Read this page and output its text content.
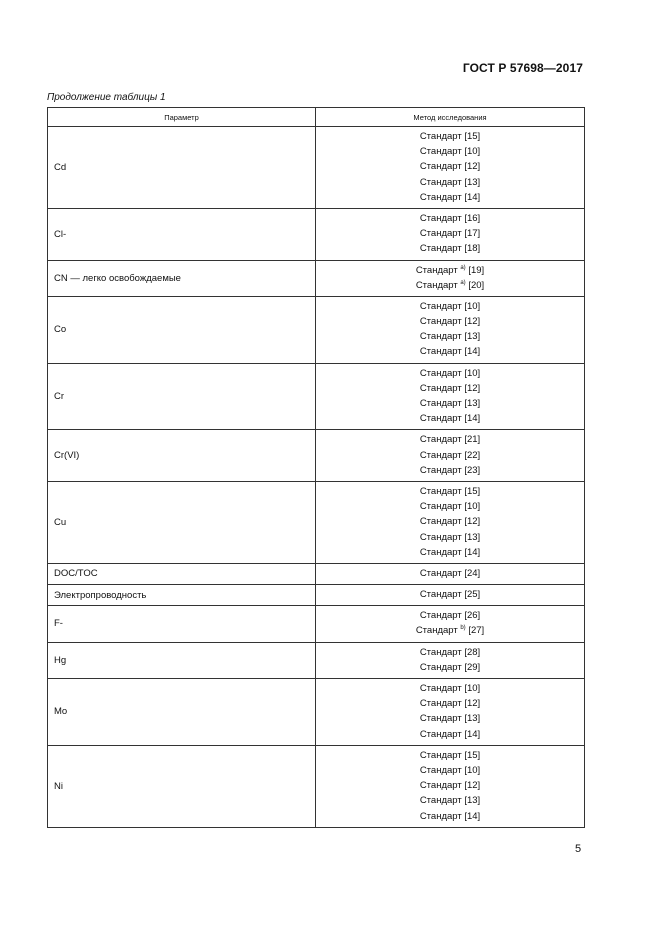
ГОСТ Р 57698—2017
Продолжение таблицы 1
Параметр	Метод исследования
Cd	Стандарт [15]
Стандарт [10]
Стандарт [12]
Стандарт [13]
Стандарт [14]

Cl-	Стандарт [16]
Стандарт [17]
Стандарт [18]

CN — легко освобождаемые	Стандарт $^{a)}$ [19]
Стандарт $^{a)}$ [20]

Co	Стандарт [10]
Стандарт [12]
Стандарт [13]
Стандарт [14]

Cr	Стандарт [10]
Стандарт [12]
Стандарт [13]
Стандарт [14]

Cr(VI)	Стандарт [21]
Стандарт [22]
Стандарт [23]

Cu	Стандарт [15]
Стандарт [10]
Стандарт [12]
Стандарт [13]
Стандарт [14]

DOC/TOC	Стандарт [24]

Электропроводность	Стандарт [25]

F-	Стандарт [26]
Стандарт $^{b)}$ [27]

Hg	Стандарт [28]
Стандарт [29]

Mo	Стандарт [10]
Стандарт [12]
Стандарт [13]
Стандарт [14]

Ni	Стандарт [15]
Стандарт [10]
Стандарт [12]
Стандарт [13]
Стандарт [14]
5
